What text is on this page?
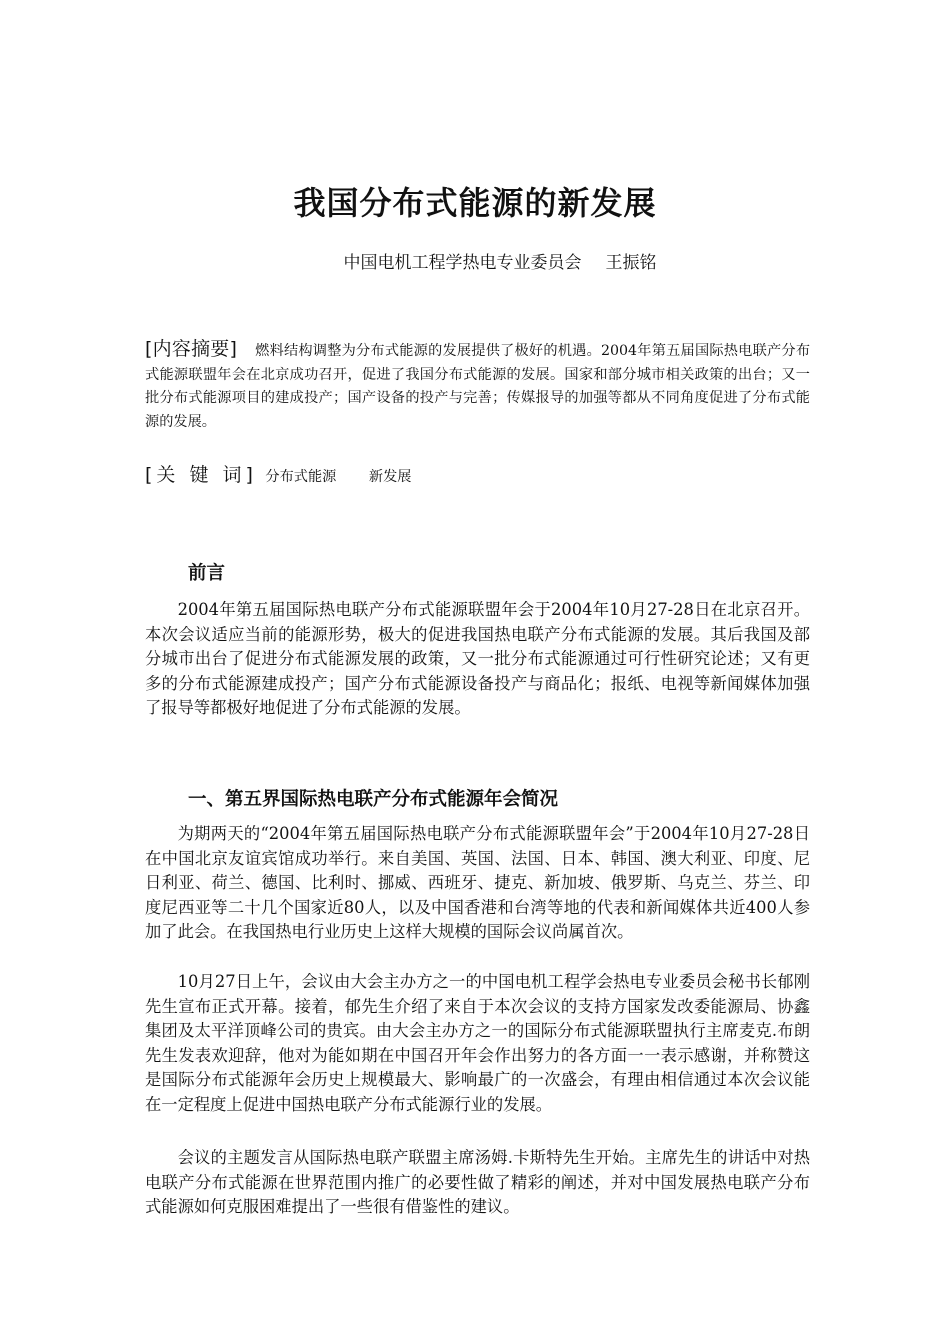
我国分布式能源的新发展
中国电机工程学热电专业委员会 王振铭

[内容摘要] 燃料结构调整为分布式能源的发展提供了极好的机遇。2004年第五届国际热电联产分布式能源联盟年会在北京成功召开，促进了我国分布式能源的发展。国家和部分城市相关政策的出台；又一批分布式能源项目的建成投产；国产设备的投产与完善；传媒报导的加强等都从不同角度促进了分布式能源的发展。

[关 键 词] 分布式能源 新发展
前言

2004年第五届国际热电联产分布式能源联盟年会于2004年10月27-28日在北京召开。本次会议适应当前的能源形势，极大的促进我国热电联产分布式能源的发展。其后我国及部分城市出台了促进分布式能源发展的政策，又一批分布式能源通过可行性研究论述；又有更多的分布式能源建成投产；国产分布式能源设备投产与商品化；报纸、电视等新闻媒体加强了报导等都极好地促进了分布式能源的发展。

一、第五界国际热电联产分布式能源年会简况

为期两天的“2004年第五届国际热电联产分布式能源联盟年会”于2004年10月27-28日在中国北京友谊宾馆成功举行。来自美国、英国、法国、日本、韩国、澳大利亚、印度、尼日利亚、荷兰、德国、比利时、挪威、西班牙、捷克、新加坡、俄罗斯、乌克兰、芬兰、印度尼西亚等二十几个国家近80人，以及中国香港和台湾等地的代表和新闻媒体共近400人参加了此会。在我国热电行业历史上这样大规模的国际会议尚属首次。

10月27日上午，会议由大会主办方之一的中国电机工程学会热电专业委员会秘书长郁刚先生宣布正式开幕。接着，郁先生介绍了来自于本次会议的支持方国家发改委能源局、协鑫集团及太平洋顶峰公司的贵宾。由大会主办方之一的国际分布式能源联盟执行主席麦克.布朗先生发表欢迎辞，他对为能如期在中国召开年会作出努力的各方面一一表示感谢，并称赞这是国际分布式能源年会历史上规模最大、影响最广的一次盛会，有理由相信通过本次会议能在一定程度上促进中国热电联产分布式能源行业的发展。

会议的主题发言从国际热电联产联盟主席汤姆.卡斯特先生开始。主席先生的讲话中对热电联产分布式能源在世界范围内推广的必要性做了精彩的阐述，并对中国发展热电联产分布式能源如何克服困难提出了一些很有借鉴性的建议。
